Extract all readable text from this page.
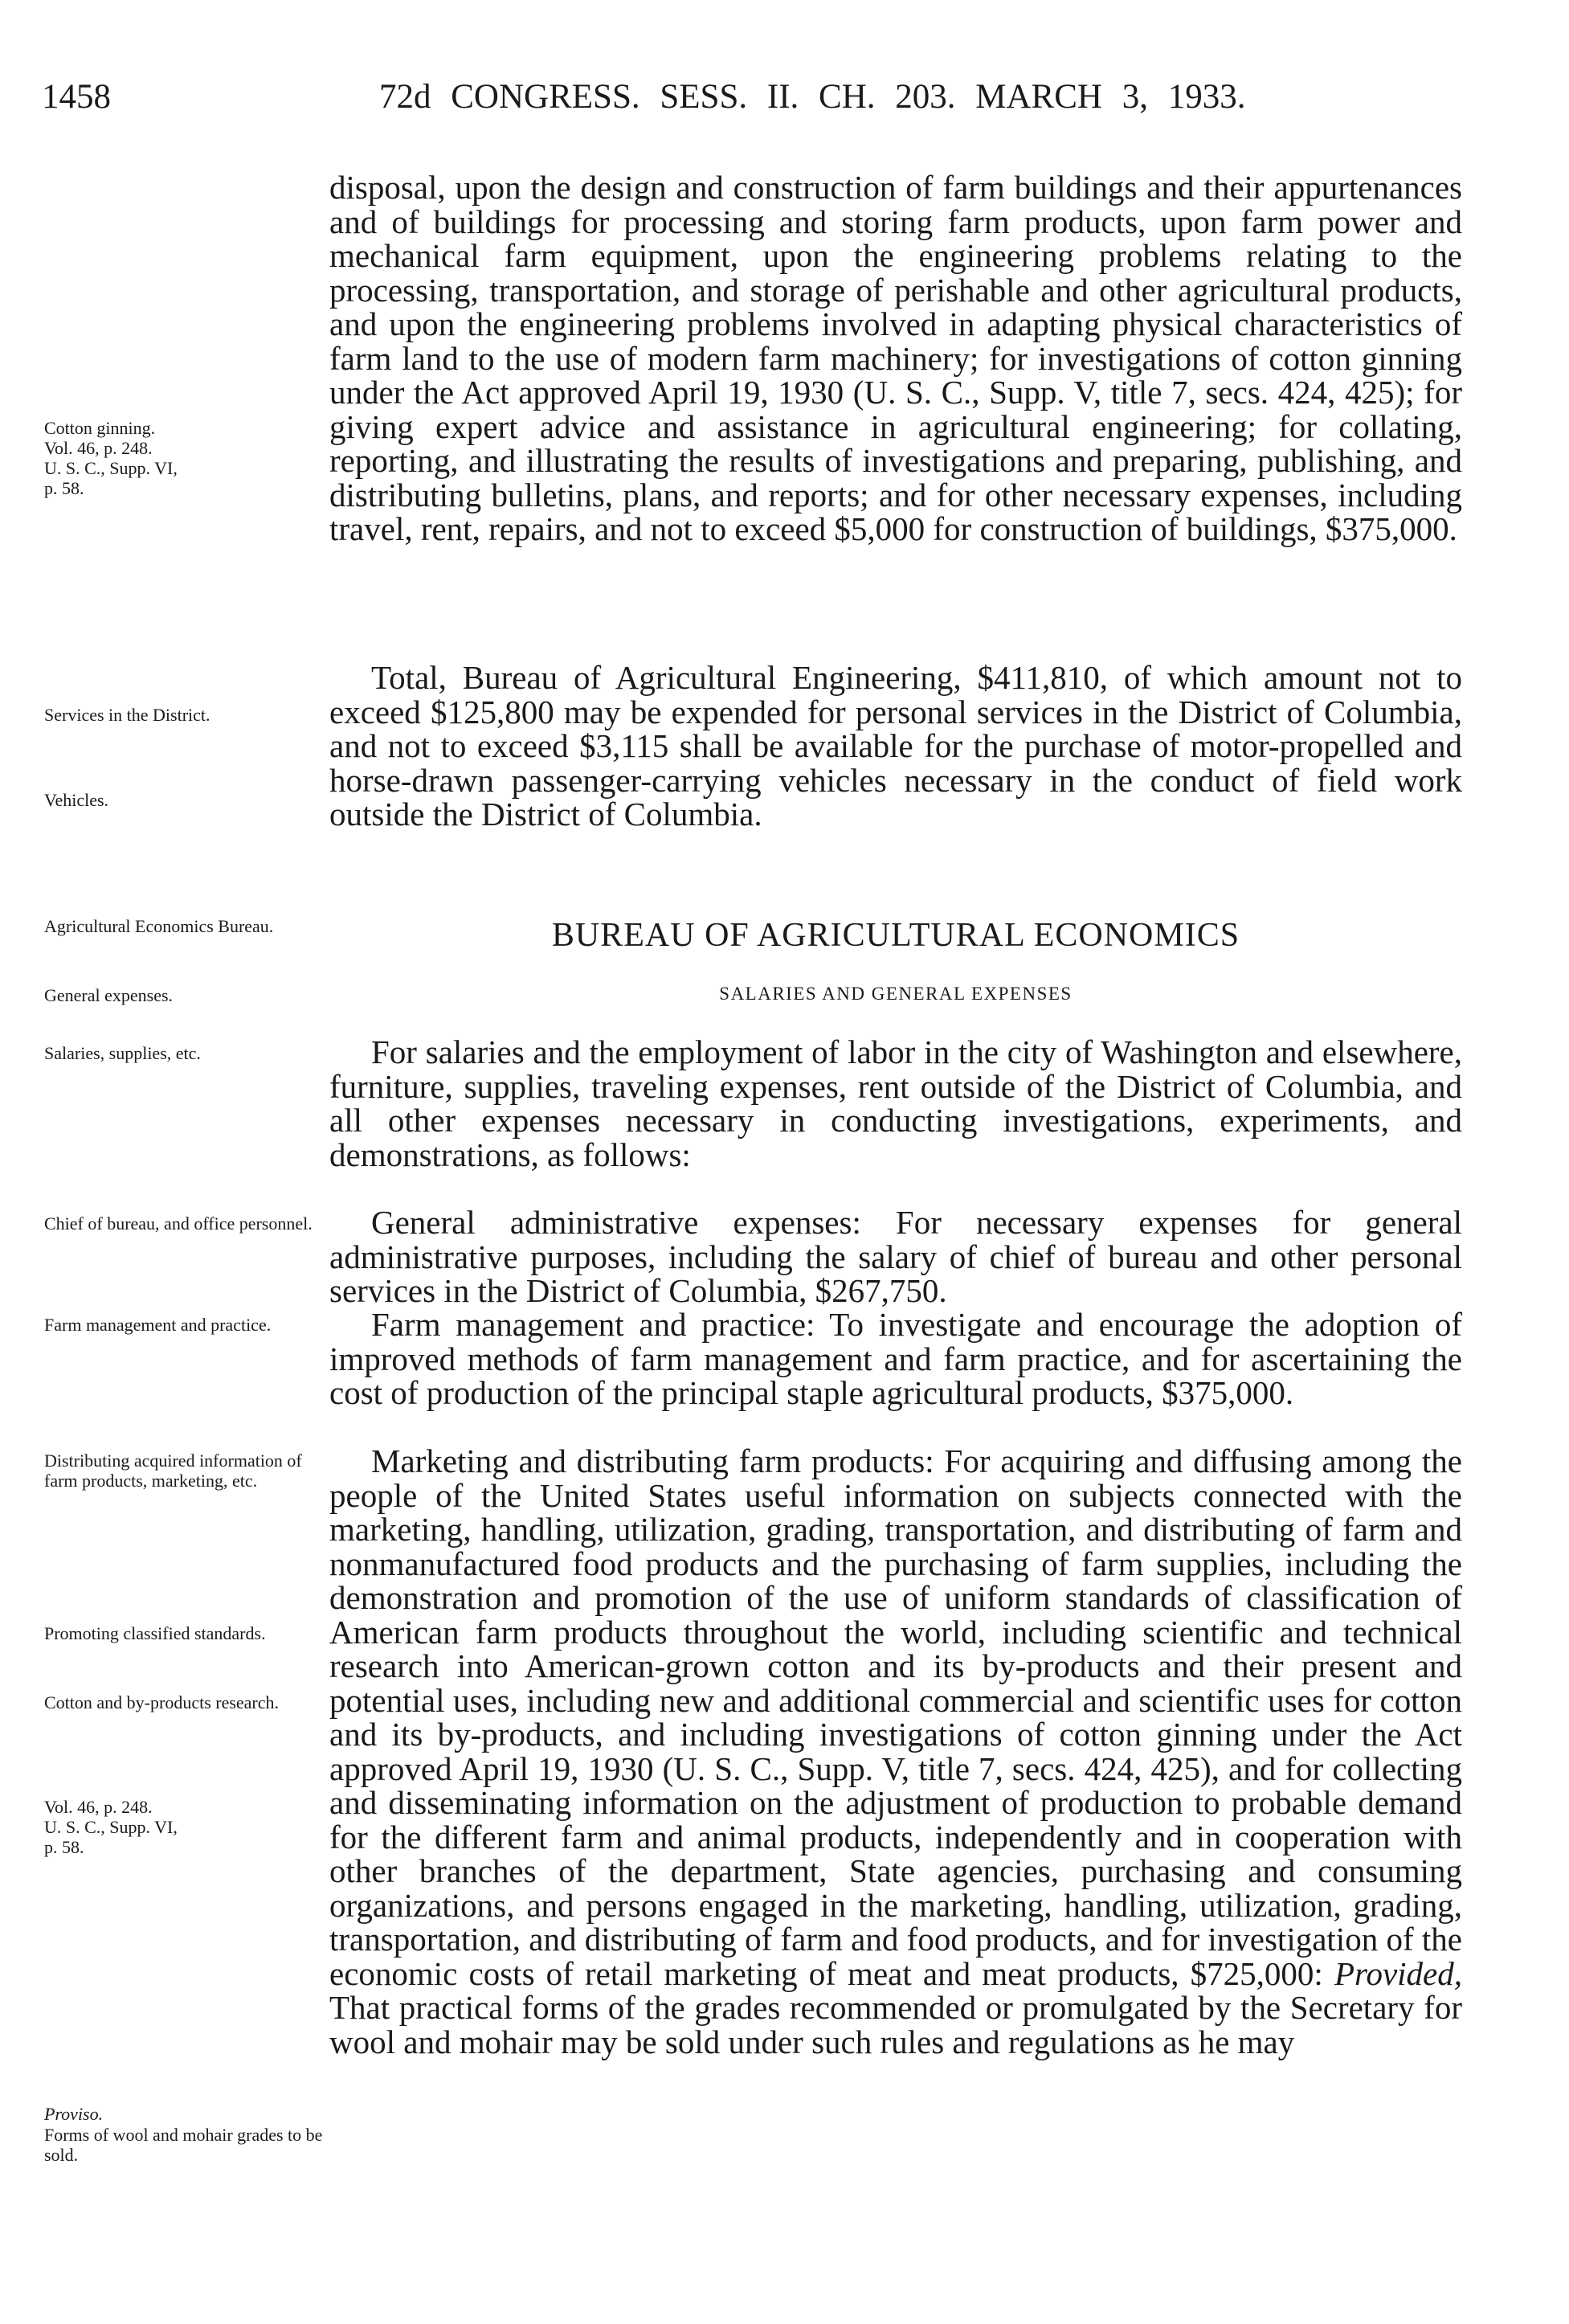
1458	72d CONGRESS. SESS. II. CH. 203. MARCH 3, 1933.
Cotton ginning.
Vol. 46, p. 248.
U. S. C., Supp. VI,
p. 58.
Services in the District.
Vehicles.
Agricultural Economics Bureau.
General expenses.
Salaries, supplies, etc.
Chief of bureau, and office personnel.
Farm management and practice.
Distributing acquired information of farm products, marketing, etc.
Promoting classified standards.
Cotton and by-products research.
Vol. 46, p. 248.
U. S. C., Supp. VI,
p. 58.
Proviso.
Forms of wool and mohair grades to be sold.
disposal, upon the design and construction of farm buildings and their appurtenances and of buildings for processing and storing farm products, upon farm power and mechanical farm equipment, upon the engineering problems relating to the processing, transportation, and storage of perishable and other agricultural products, and upon the engineering problems involved in adapting physical characteristics of farm land to the use of modern farm machinery; for investigations of cotton ginning under the Act approved April 19, 1930 (U. S. C., Supp. V, title 7, secs. 424, 425); for giving expert advice and assistance in agricultural engineering; for collating, reporting, and illustrating the results of investigations and preparing, publishing, and distributing bulletins, plans, and reports; and for other necessary expenses, including travel, rent, repairs, and not to exceed $5,000 for construction of buildings, $375,000.
Total, Bureau of Agricultural Engineering, $411,810, of which amount not to exceed $125,800 may be expended for personal services in the District of Columbia, and not to exceed $3,115 shall be available for the purchase of motor-propelled and horse-drawn passenger-carrying vehicles necessary in the conduct of field work outside the District of Columbia.
BUREAU OF AGRICULTURAL ECONOMICS
SALARIES AND GENERAL EXPENSES
For salaries and the employment of labor in the city of Washington and elsewhere, furniture, supplies, traveling expenses, rent outside of the District of Columbia, and all other expenses necessary in conducting investigations, experiments, and demonstrations, as follows:
General administrative expenses: For necessary expenses for general administrative purposes, including the salary of chief of bureau and other personal services in the District of Columbia, $267,750.
Farm management and practice: To investigate and encourage the adoption of improved methods of farm management and farm practice, and for ascertaining the cost of production of the principal staple agricultural products, $375,000.
Marketing and distributing farm products: For acquiring and diffusing among the people of the United States useful information on subjects connected with the marketing, handling, utilization, grading, transportation, and distributing of farm and nonmanufactured food products and the purchasing of farm supplies, including the demonstration and promotion of the use of uniform standards of classification of American farm products throughout the world, including scientific and technical research into American-grown cotton and its by-products and their present and potential uses, including new and additional commercial and scientific uses for cotton and its by-products, and including investigations of cotton ginning under the Act approved April 19, 1930 (U. S. C., Supp. V, title 7, secs. 424, 425), and for collecting and disseminating information on the adjustment of production to probable demand for the different farm and animal products, independently and in cooperation with other branches of the department, State agencies, purchasing and consuming organizations, and persons engaged in the marketing, handling, utilization, grading, transportation, and distributing of farm and food products, and for investigation of the economic costs of retail marketing of meat and meat products, $725,000: Provided, That practical forms of the grades recommended or promulgated by the Secretary for wool and mohair may be sold under such rules and regulations as he may
